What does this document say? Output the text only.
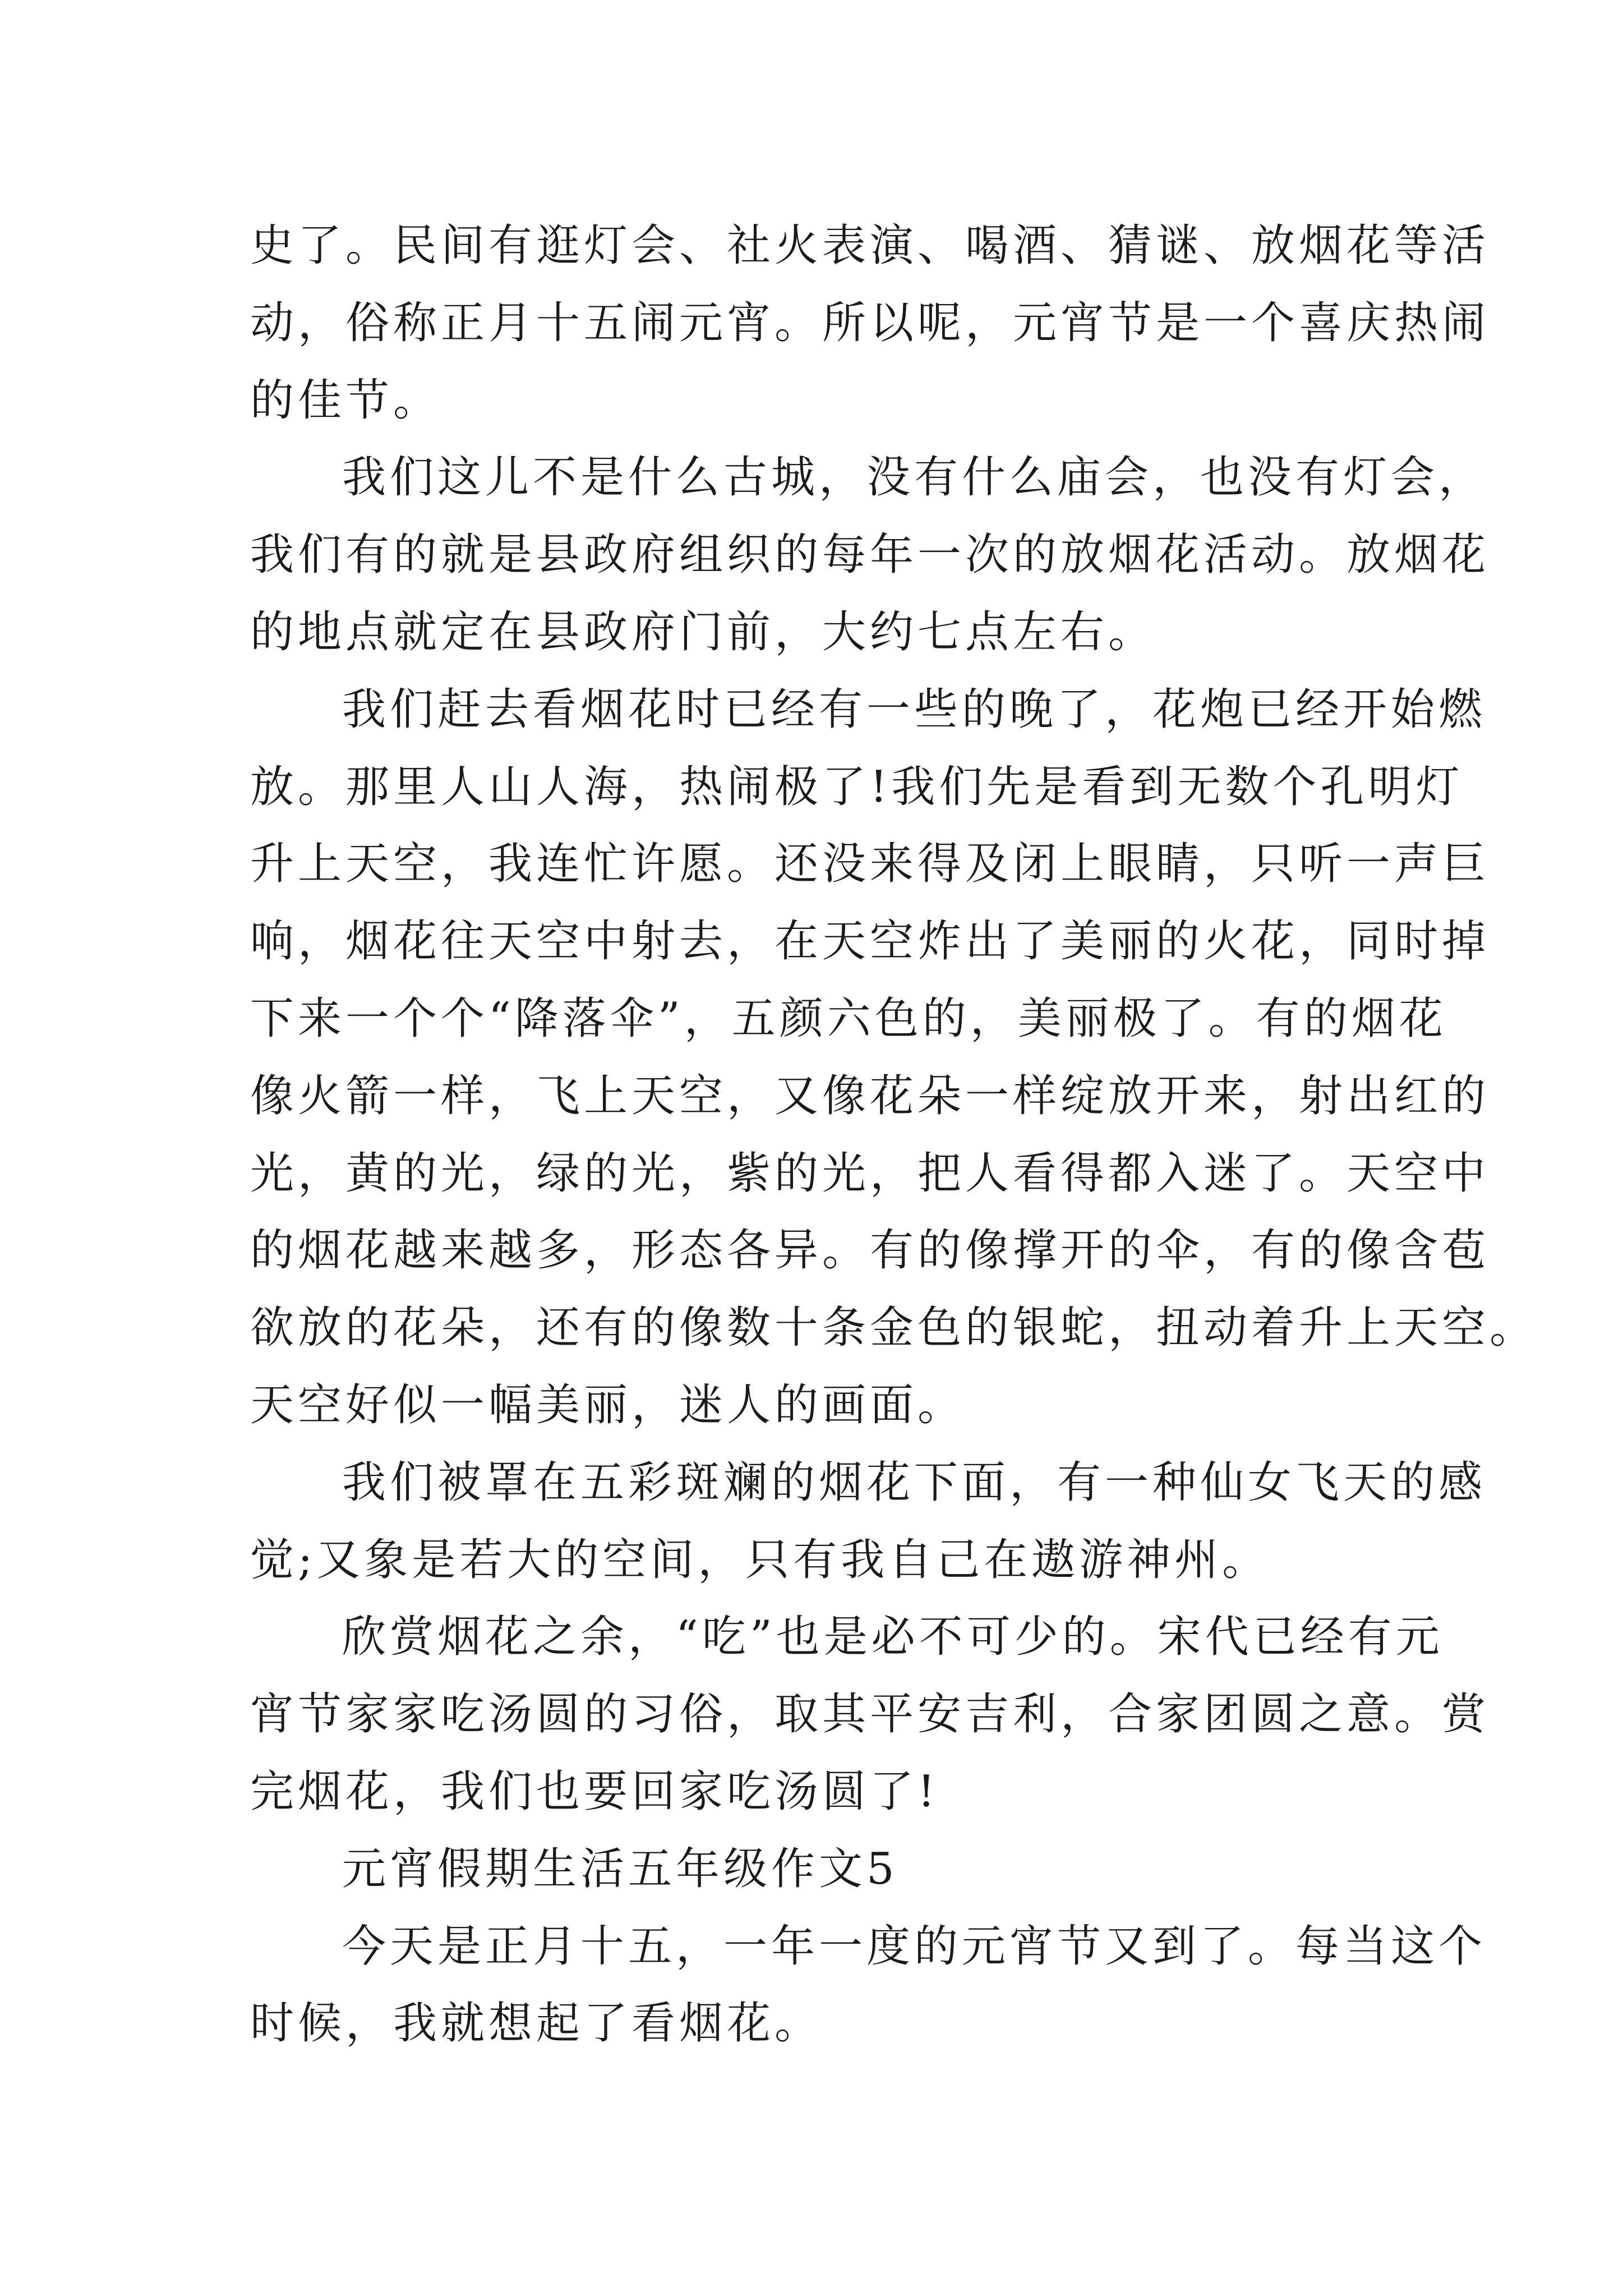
史了。民间有逛灯会、社火表演、喝酒、猜谜、放烟花等活
动，俗称正月十五闹元宵。所以呢，元宵节是一个喜庆热闹
的佳节。
我们这儿不是什么古城，没有什么庙会，也没有灯会，
我们有的就是县政府组织的每年一次的放烟花活动。放烟花
的地点就定在县政府门前，大约七点左右。
我们赶去看烟花时已经有一些的晚了，花炮已经开始燃
放。那里人山人海，热闹极了!我们先是看到无数个孔明灯
升上天空，我连忙许愿。还没来得及闭上眼睛，只听一声巨
响，烟花往天空中射去，在天空炸出了美丽的火花，同时掉
下来一个个“降落伞”，五颜六色的，美丽极了。有的烟花
像火箭一样，飞上天空，又像花朵一样绽放开来，射出红的
光，黄的光，绿的光，紫的光，把人看得都入迷了。天空中
的烟花越来越多，形态各异。有的像撑开的伞，有的像含苞
欲放的花朵，还有的像数十条金色的银蛇，扭动着升上天空。
天空好似一幅美丽，迷人的画面。
我们被罩在五彩斑斓的烟花下面，有一种仙女飞天的感
觉;又象是若大的空间，只有我自己在遨游神州。
欣赏烟花之余，“吃”也是必不可少的。宋代已经有元
宵节家家吃汤圆的习俗，取其平安吉利，合家团圆之意。赏
完烟花，我们也要回家吃汤圆了!
元宵假期生活五年级作文5
今天是正月十五，一年一度的元宵节又到了。每当这个
时候，我就想起了看烟花。
